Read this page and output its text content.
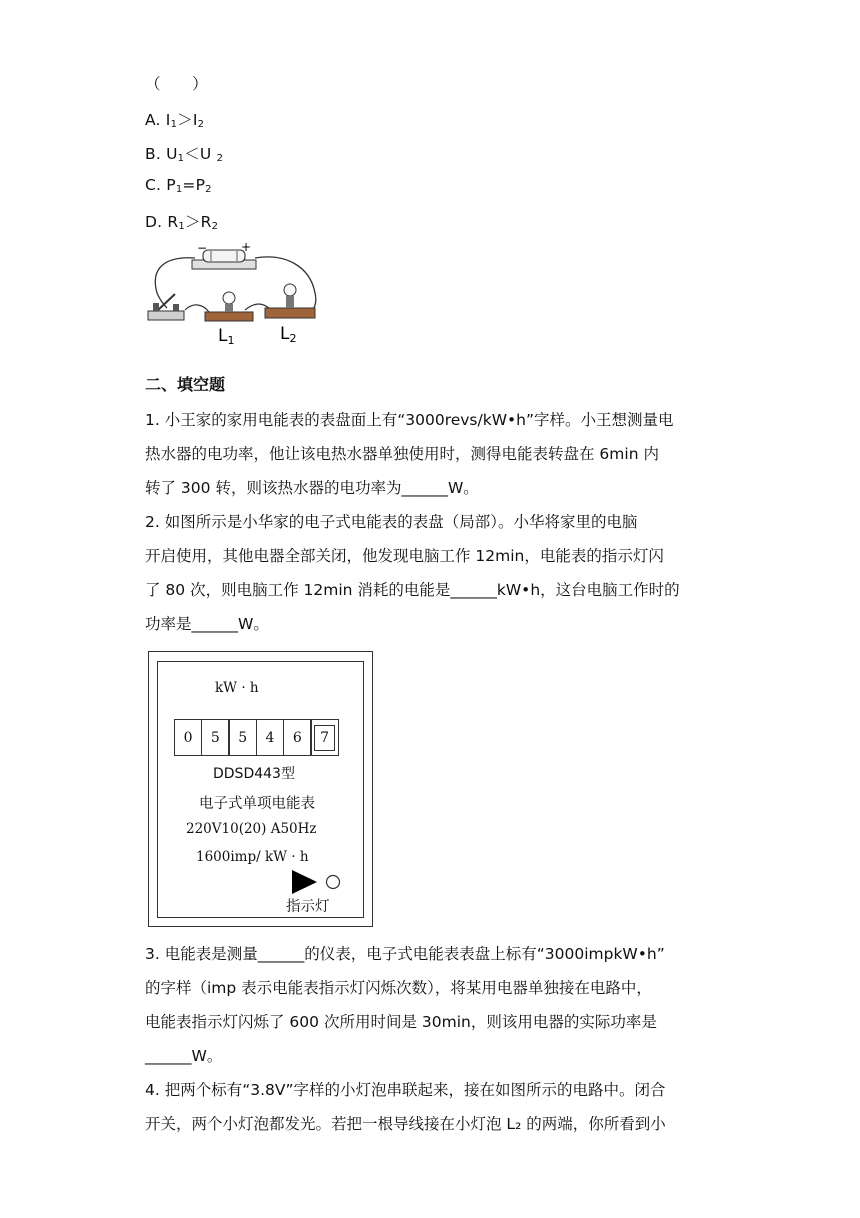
（　　）
A. $I_1>I_2$
B. $U_1<U$ $_2$
C. $P_1=P_2$
D. $R_1>R_2$
−	+
L1	L2
二、填空题
1. 小王家的家用电能表的表盘面上有“3000revs/kW•h”字样。小王想测量电
热水器的电功率，他让该电热水器单独使用时，测得电能表转盘在 6min 内
转了 300 转，则该热水器的电功率为______W。
2. 如图所示是小华家的电子式电能表的表盘（局部）。小华将家里的电脑
开启使用，其他电器全部关闭，他发现电脑工作 12min，电能表的指示灯闪
了 80 次，则电脑工作 12min 消耗的电能是______kW•h，这台电脑工作时的
功率是______W。
kW · h
0	5	5	4	6	7
DDSD443型
电子式单项电能表
220V10(20) A50Hz
1600imp/ kW · h
指示灯
3. 电能表是测量______的仪表，电子式电能表表盘上标有“3000impkW•h”
的字样（imp 表示电能表指示灯闪烁次数），将某用电器单独接在电路中，
电能表指示灯闪烁了 600 次所用时间是 30min，则该用电器的实际功率是
______W。
4. 把两个标有“3.8V”字样的小灯泡串联起来，接在如图所示的电路中。闭合
开关，两个小灯泡都发光。若把一根导线接在小灯泡 L₂ 的两端，你所看到小
